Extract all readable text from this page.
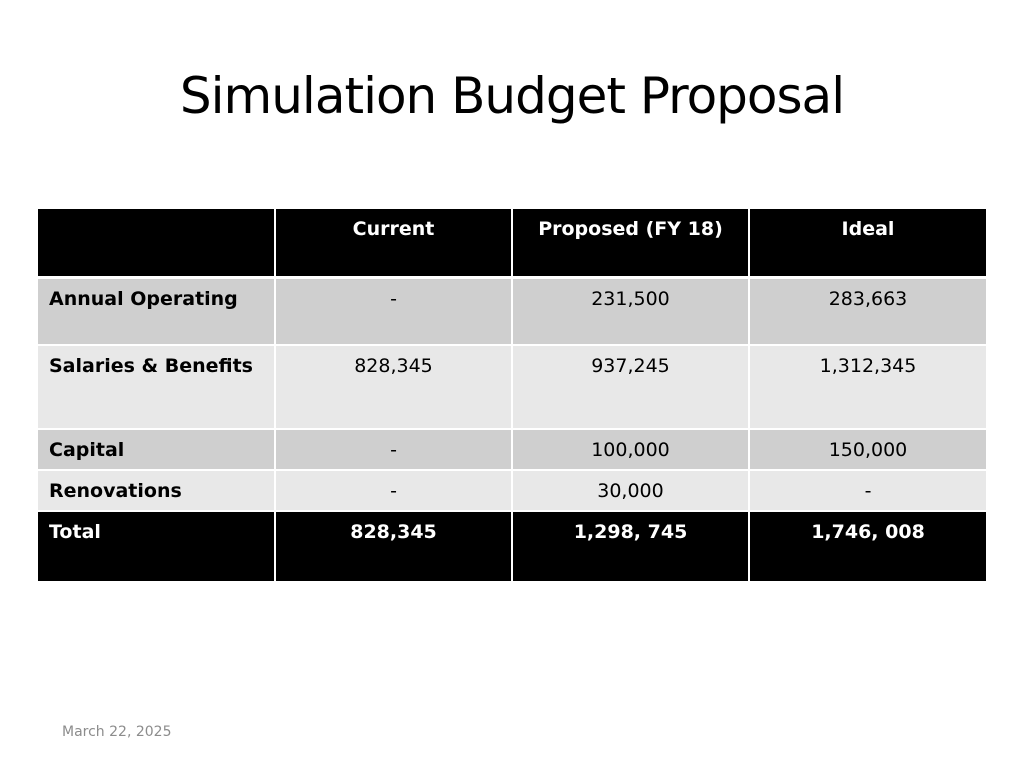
Simulation Budget Proposal
	Current	Proposed (FY 18)	Ideal
Annual Operating	-	231,500	283,663
Salaries & Benefits	828,345	937,245	1,312,345
Capital	-	100,000	150,000
Renovations	-	30,000	-
Total	828,345	1,298, 745	1,746, 008
March 22, 2025
